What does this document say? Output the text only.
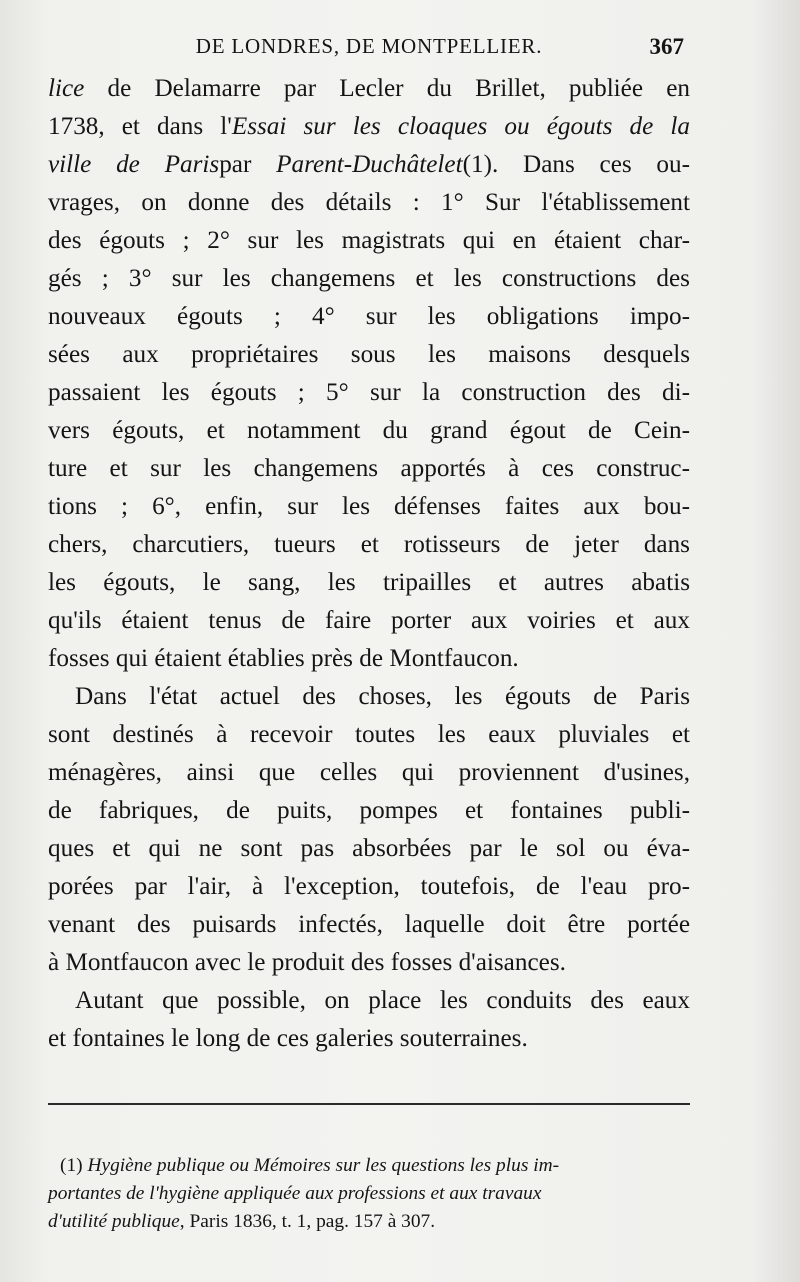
DE LONDRES, DE MONTPELLIER.	367
lice de Delamarre par Lecler du Brillet, publiée en
1738, et dans l'Essai sur les cloaques ou égouts de la
ville de Parispar Parent-Duchâtelet(1). Dans ces ou-
vrages, on donne des détails : 1° Sur l'établissement
des égouts ; 2° sur les magistrats qui en étaient char-
gés ; 3° sur les changemens et les constructions des
nouveaux égouts ; 4° sur les obligations impo-
sées aux propriétaires sous les maisons desquels
passaient les égouts ; 5° sur la construction des di-
vers égouts, et notamment du grand égout de Cein-
ture et sur les changemens apportés à ces construc-
tions ; 6°, enfin, sur les défenses faites aux bou-
chers, charcutiers, tueurs et rotisseurs de jeter dans
les égouts, le sang, les tripailles et autres abatis
qu'ils étaient tenus de faire porter aux voiries et aux
fosses qui étaient établies près de Montfaucon.
Dans l'état actuel des choses, les égouts de Paris
sont destinés à recevoir toutes les eaux pluviales et
ménagères, ainsi que celles qui proviennent d'usines,
de fabriques, de puits, pompes et fontaines publi-
ques et qui ne sont pas absorbées par le sol ou éva-
porées par l'air, à l'exception, toutefois, de l'eau pro-
venant des puisards infectés, laquelle doit être portée
à Montfaucon avec le produit des fosses d'aisances.
Autant que possible, on place les conduits des eaux
et fontaines le long de ces galeries souterraines.
(1) Hygiène publique ou Mémoires sur les questions les plus im-
portantes de l'hygiène appliquée aux professions et aux travaux
d'utilité publique, Paris 1836, t. 1, pag. 157 à 307.
